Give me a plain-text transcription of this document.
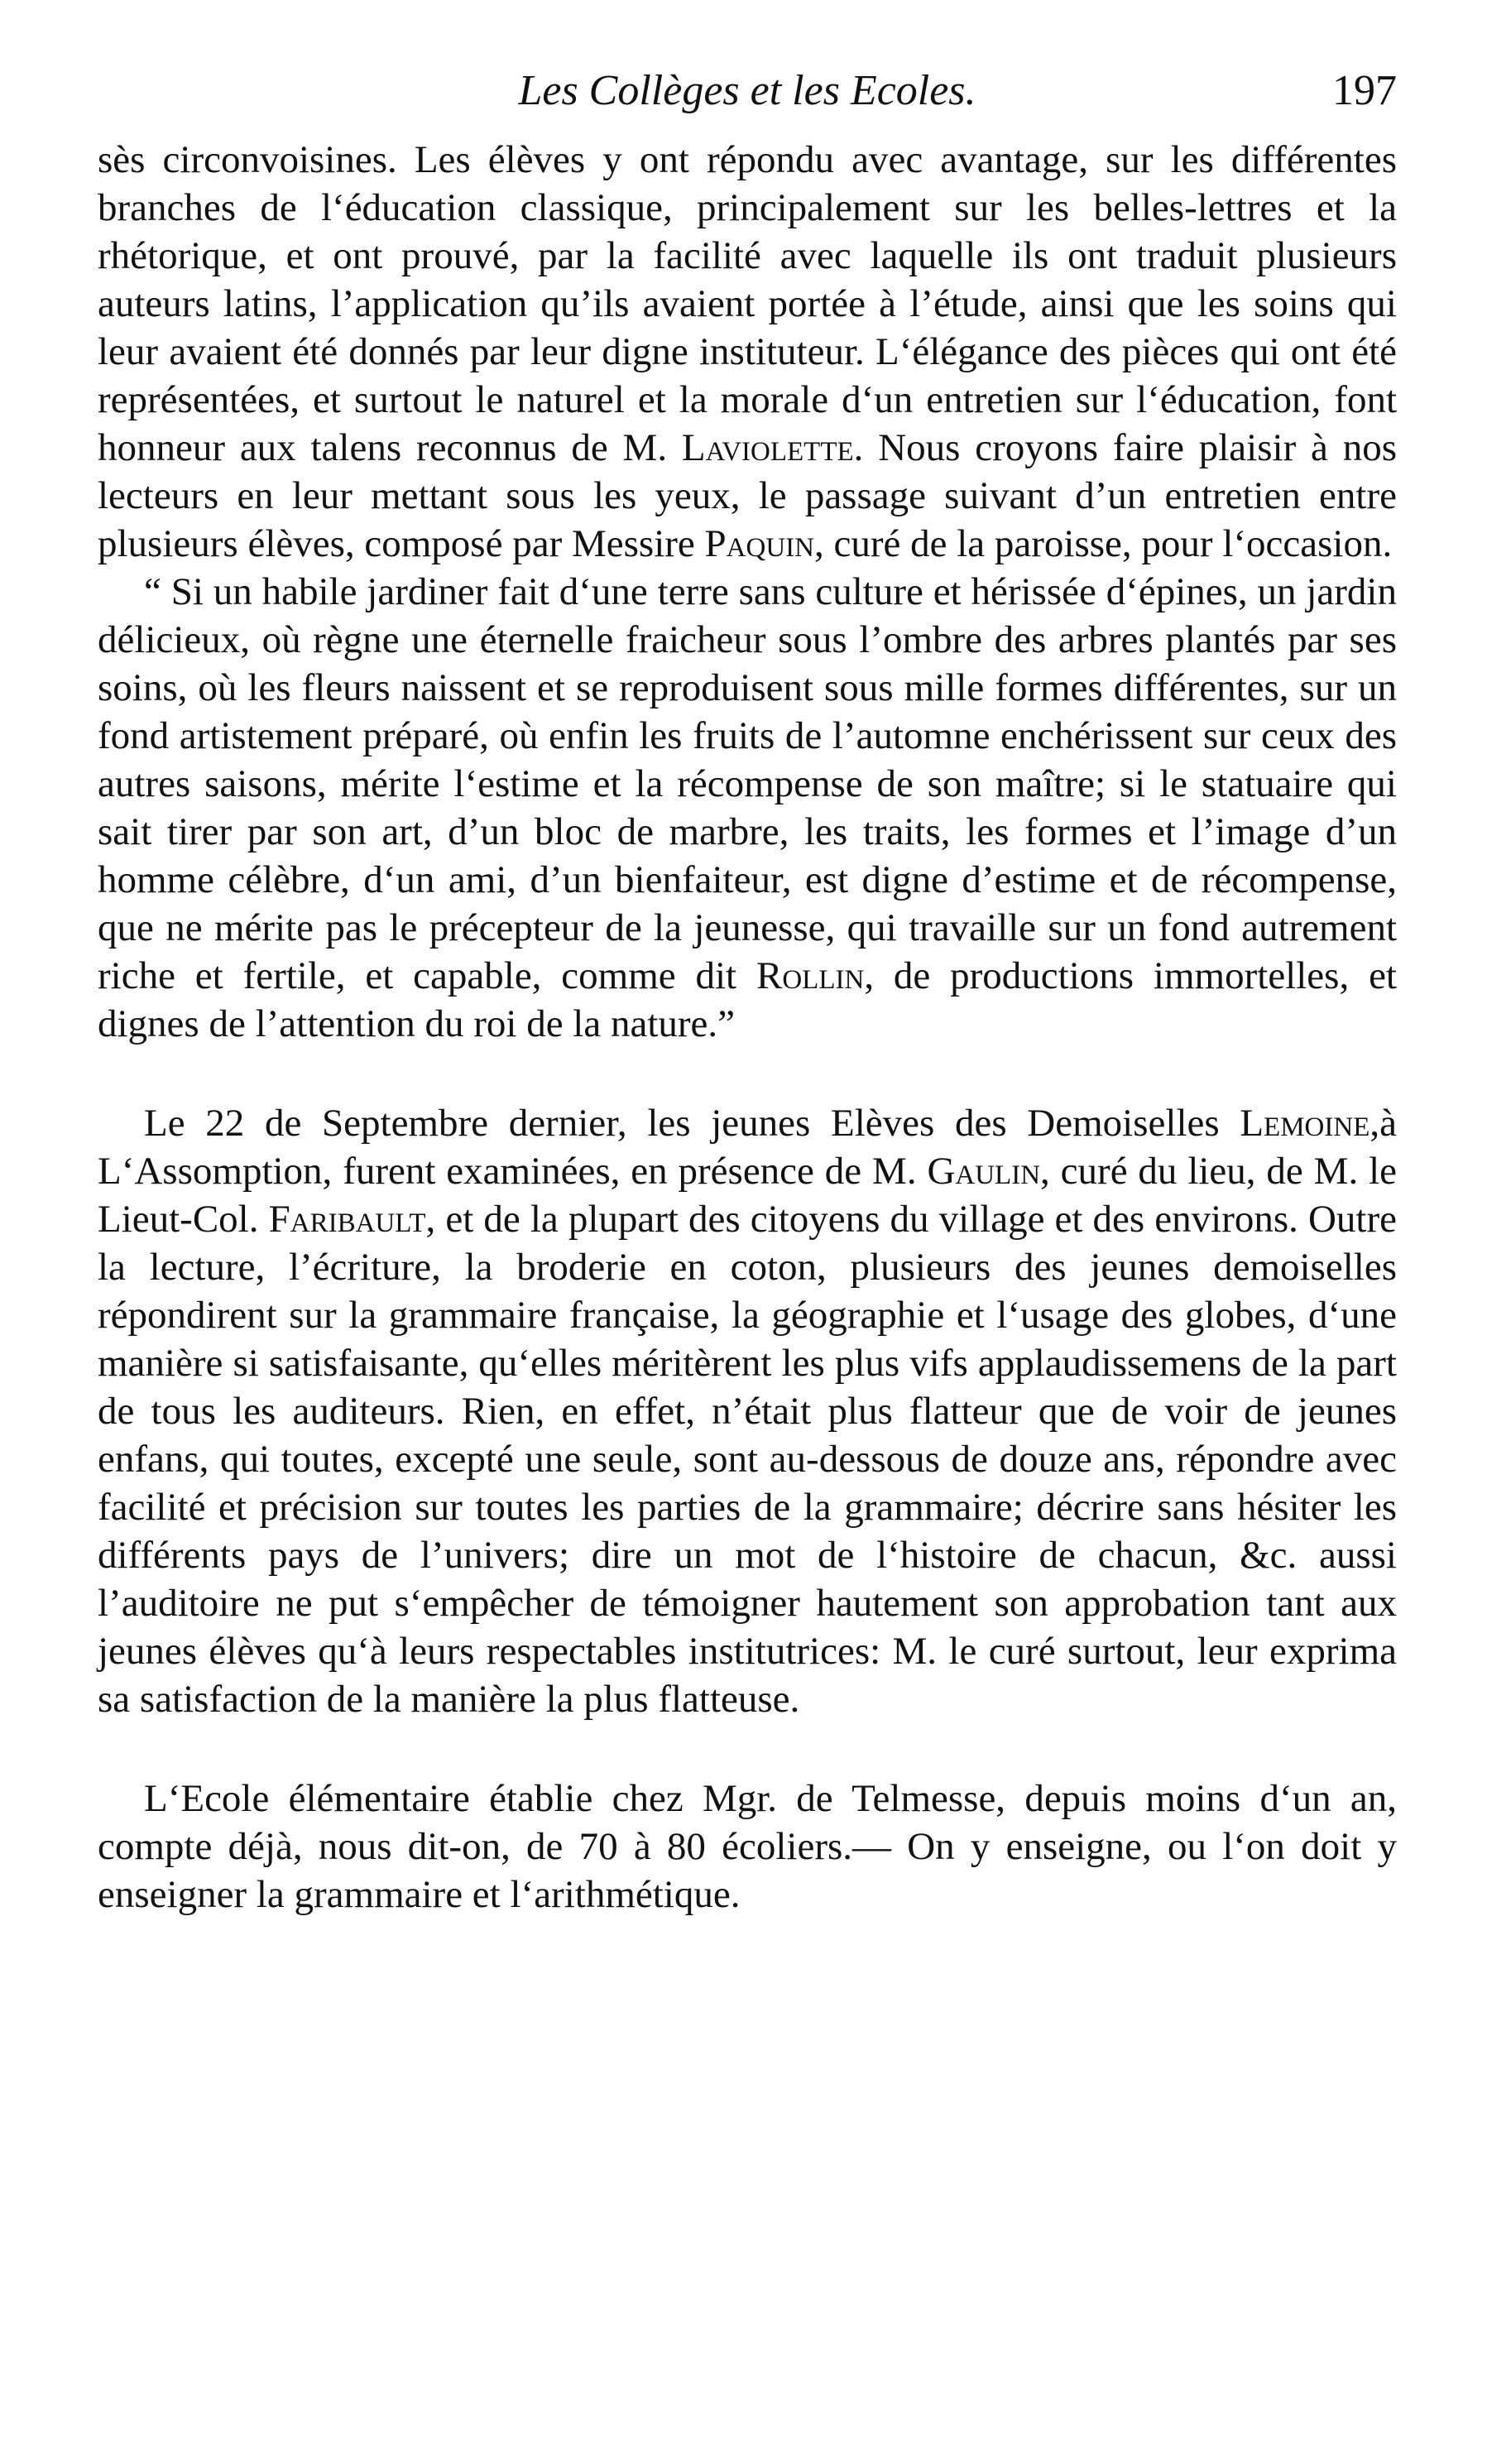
Les Collèges et les Ecoles.	197

sès circonvoisines. Les élèves y ont répondu avec avantage, sur les différentes branches de l‘éducation classique, principalement sur les belles-lettres et la rhétorique, et ont prouvé, par la facilité avec laquelle ils ont traduit plusieurs auteurs latins, l’application qu’ils avaient portée à l’étude, ainsi que les soins qui leur avaient été donnés par leur digne instituteur. L‘élégance des pièces qui ont été représentées, et surtout le naturel et la morale d‘un entretien sur l‘éducation, font honneur aux talens reconnus de M. Laviolette. Nous croyons faire plaisir à nos lecteurs en leur mettant sous les yeux, le passage suivant d’un entretien entre plusieurs élèves, composé par Messire Paquin, curé de la paroisse, pour l‘occasion.

“ Si un habile jardiner fait d‘une terre sans culture et hérissée d‘épines, un jardin délicieux, où règne une éternelle fraicheur sous l’ombre des arbres plantés par ses soins, où les fleurs naissent et se reproduisent sous mille formes différentes, sur un fond artistement préparé, où enfin les fruits de l’automne enchérissent sur ceux des autres saisons, mérite l‘estime et la récompense de son maître; si le statuaire qui sait tirer par son art, d’un bloc de marbre, les traits, les formes et l’image d’un homme célèbre, d‘un ami, d’un bienfaiteur, est digne d’estime et de récompense, que ne mérite pas le précepteur de la jeunesse, qui travaille sur un fond autrement riche et fertile, et capable, comme dit Rollin, de productions immortelles, et dignes de l’attention du roi de la nature.”

Le 22 de Septembre dernier, les jeunes Elèves des Demoiselles Lemoine,à L‘Assomption, furent examinées, en présence de M. Gaulin, curé du lieu, de M. le Lieut-Col. Faribault, et de la plupart des citoyens du village et des environs. Outre la lecture, l’écriture, la broderie en coton, plusieurs des jeunes demoiselles répondirent sur la grammaire française, la géographie et l‘usage des globes, d‘une manière si satisfaisante, qu‘elles méritèrent les plus vifs applaudissemens de la part de tous les auditeurs. Rien, en effet, n’était plus flatteur que de voir de jeunes enfans, qui toutes, excepté une seule, sont au-dessous de douze ans, répondre avec facilité et précision sur toutes les parties de la grammaire; décrire sans hésiter les différents pays de l’univers; dire un mot de l‘histoire de chacun, &c. aussi l’auditoire ne put s‘empêcher de témoigner hautement son approbation tant aux jeunes élèves qu‘à leurs respectables institutrices: M. le curé surtout, leur exprima sa satisfaction de la manière la plus flatteuse.

L‘Ecole élémentaire établie chez Mgr. de Telmesse, depuis moins d‘un an, compte déjà, nous dit-on, de 70 à 80 écoliers.— On y enseigne, ou l‘on doit y enseigner la grammaire et l‘arithmétique.
